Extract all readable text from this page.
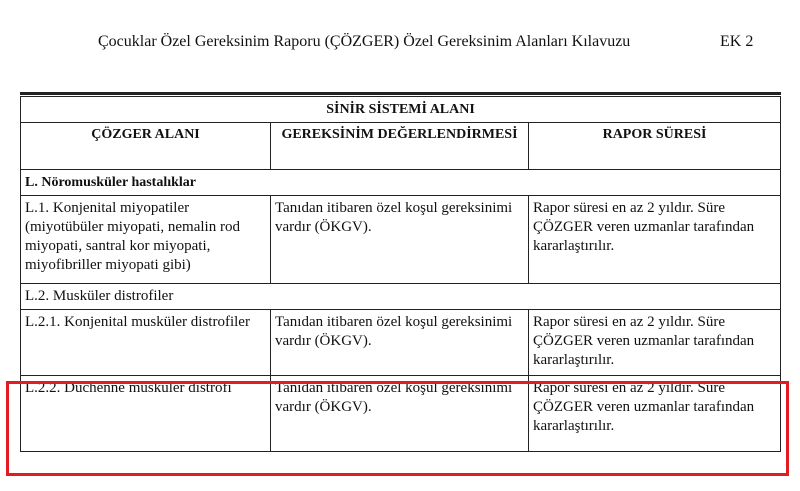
Çocuklar Özel Gereksinim Raporu (ÇÖZGER) Özel Gereksinim Alanları Kılavuzu	EK 2
SİNİR SİSTEMİ ALANI		
ÇÖZGER ALANI	GEREKSİNİM DEĞERLENDİRMESİ	RAPOR SÜRESİ
L. Nöromusküler hastalıklar		
L.1. Konjenital miyopatiler (miyotübüler miyopati, nemalin rod miyopati, santral kor miyopati, miyofibriller miyopati gibi)	Tanıdan itibaren özel koşul gereksinimi vardır (ÖKGV).	Rapor süresi en az 2 yıldır. Süre ÇÖZGER veren uzmanlar tarafından kararlaştırılır.
L.2. Musküler distrofiler		
L.2.1. Konjenital musküler distrofiler	Tanıdan itibaren özel koşul gereksinimi vardır (ÖKGV).	Rapor süresi en az 2 yıldır. Süre ÇÖZGER veren uzmanlar tarafından kararlaştırılır.
L.2.2. Duchenne musküler distrofi	Tanıdan itibaren özel koşul gereksinimi vardır (ÖKGV).	Rapor süresi en az 2 yıldır. Süre ÇÖZGER veren uzmanlar tarafından kararlaştırılır.
